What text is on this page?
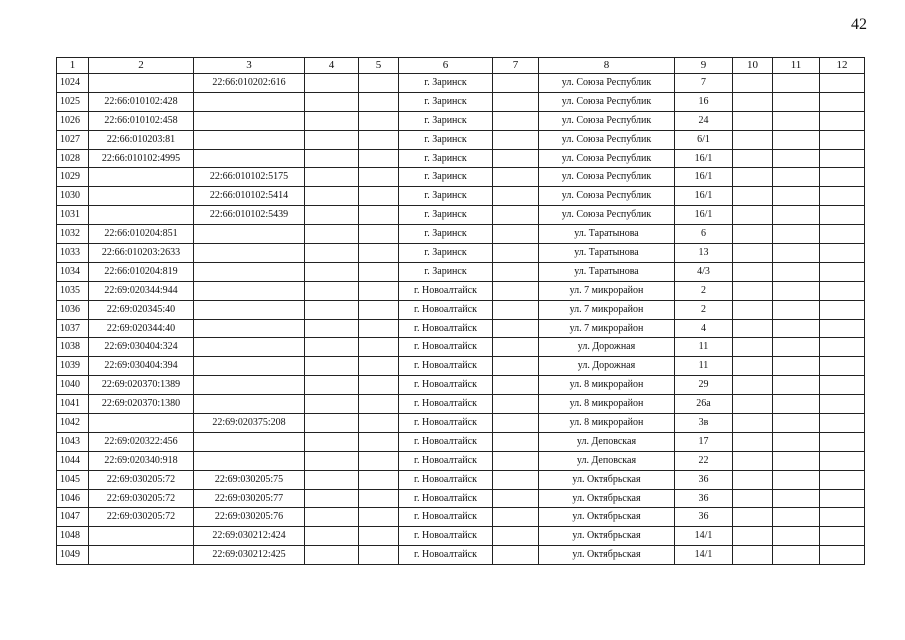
42
1	2	3	4	5	6	7	8	9	10	11	12
1024		22:66:010202:616			г. Заринск		ул. Союза Республик	7			
1025	22:66:010102:428				г. Заринск		ул. Союза Республик	16			
1026	22:66:010102:458				г. Заринск		ул. Союза Республик	24			
1027	22:66:010203:81				г. Заринск		ул. Союза Республик	6/1			
1028	22:66:010102:4995				г. Заринск		ул. Союза Республик	16/1			
1029		22:66:010102:5175			г. Заринск		ул. Союза Республик	16/1			
1030		22:66:010102:5414			г. Заринск		ул. Союза Республик	16/1			
1031		22:66:010102:5439			г. Заринск		ул. Союза Республик	16/1			
1032	22:66:010204:851				г. Заринск		ул. Таратынова	6			
1033	22:66:010203:2633				г. Заринск		ул. Таратынова	13			
1034	22:66:010204:819				г. Заринск		ул. Таратынова	4/3			
1035	22:69:020344:944				г. Новоалтайск		ул. 7 микрорайон	2			
1036	22:69:020345:40				г. Новоалтайск		ул. 7 микрорайон	2			
1037	22:69:020344:40				г. Новоалтайск		ул. 7 микрорайон	4			
1038	22:69:030404:324				г. Новоалтайск		ул. Дорожная	11			
1039	22:69:030404:394				г. Новоалтайск		ул. Дорожная	11			
1040	22:69:020370:1389				г. Новоалтайск		ул. 8 микрорайон	29			
1041	22:69:020370:1380				г. Новоалтайск		ул. 8 микрорайон	26а			
1042		22:69:020375:208			г. Новоалтайск		ул. 8 микрорайон	3в			
1043	22:69:020322:456				г. Новоалтайск		ул. Деповская	17			
1044	22:69:020340:918				г. Новоалтайск		ул. Деповская	22			
1045	22:69:030205:72	22:69:030205:75			г. Новоалтайск		ул. Октябрьская	36			
1046	22:69:030205:72	22:69:030205:77			г. Новоалтайск		ул. Октябрьская	36			
1047	22:69:030205:72	22:69:030205:76			г. Новоалтайск		ул. Октябрьская	36			
1048		22:69:030212:424			г. Новоалтайск		ул. Октябрьская	14/1			
1049		22:69:030212:425			г. Новоалтайск		ул. Октябрьская	14/1			
